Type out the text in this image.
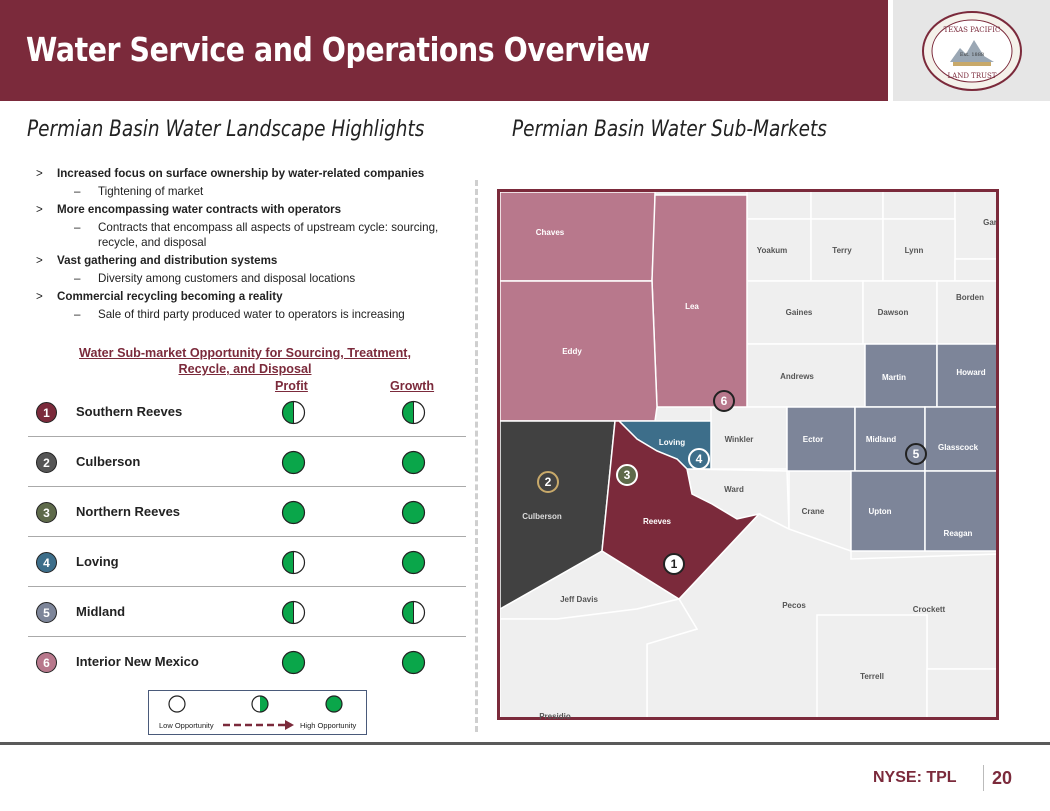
Water Service and Operations Overview	TEXAS PACIFIC
LAND TRUST
Est. 1888
Permian Basin Water Landscape Highlights	Permian Basin Water Sub-Markets
> Increased focus on surface ownership by water-related companies
– Tightening of market
> More encompassing water contracts with operators
– Contracts that encompass all aspects of upstream cycle: sourcing, recycle, and disposal
> Vast gathering and distribution systems
– Diversity among customers and disposal locations
> Commercial recycling becoming a reality
– Sale of third party produced water to operators is increasing
Water Sub-market Opportunity for Sourcing, Treatment, Recycle, and Disposal
Profit	Growth
1	Southern Reeves
2	Culberson
3	Northern Reeves
4	Loving
5	Midland
6	Interior New Mexico
Low Opportunity	High Opportunity
Chaves
Lea
Eddy
Yoakum	Terry	Lynn
Gar
Gaines	Dawson
Borden
Andrews	Martin
Howard
Loving	Winkler	Ector	Midland
Glasscock
Culberson
Reeves
Ward
Crane	Upton
Reagan
Jeff Davis
Pecos	Crockett
Terrell
Presidio
1
2	3
4	5
6
NYSE: TPL 20
